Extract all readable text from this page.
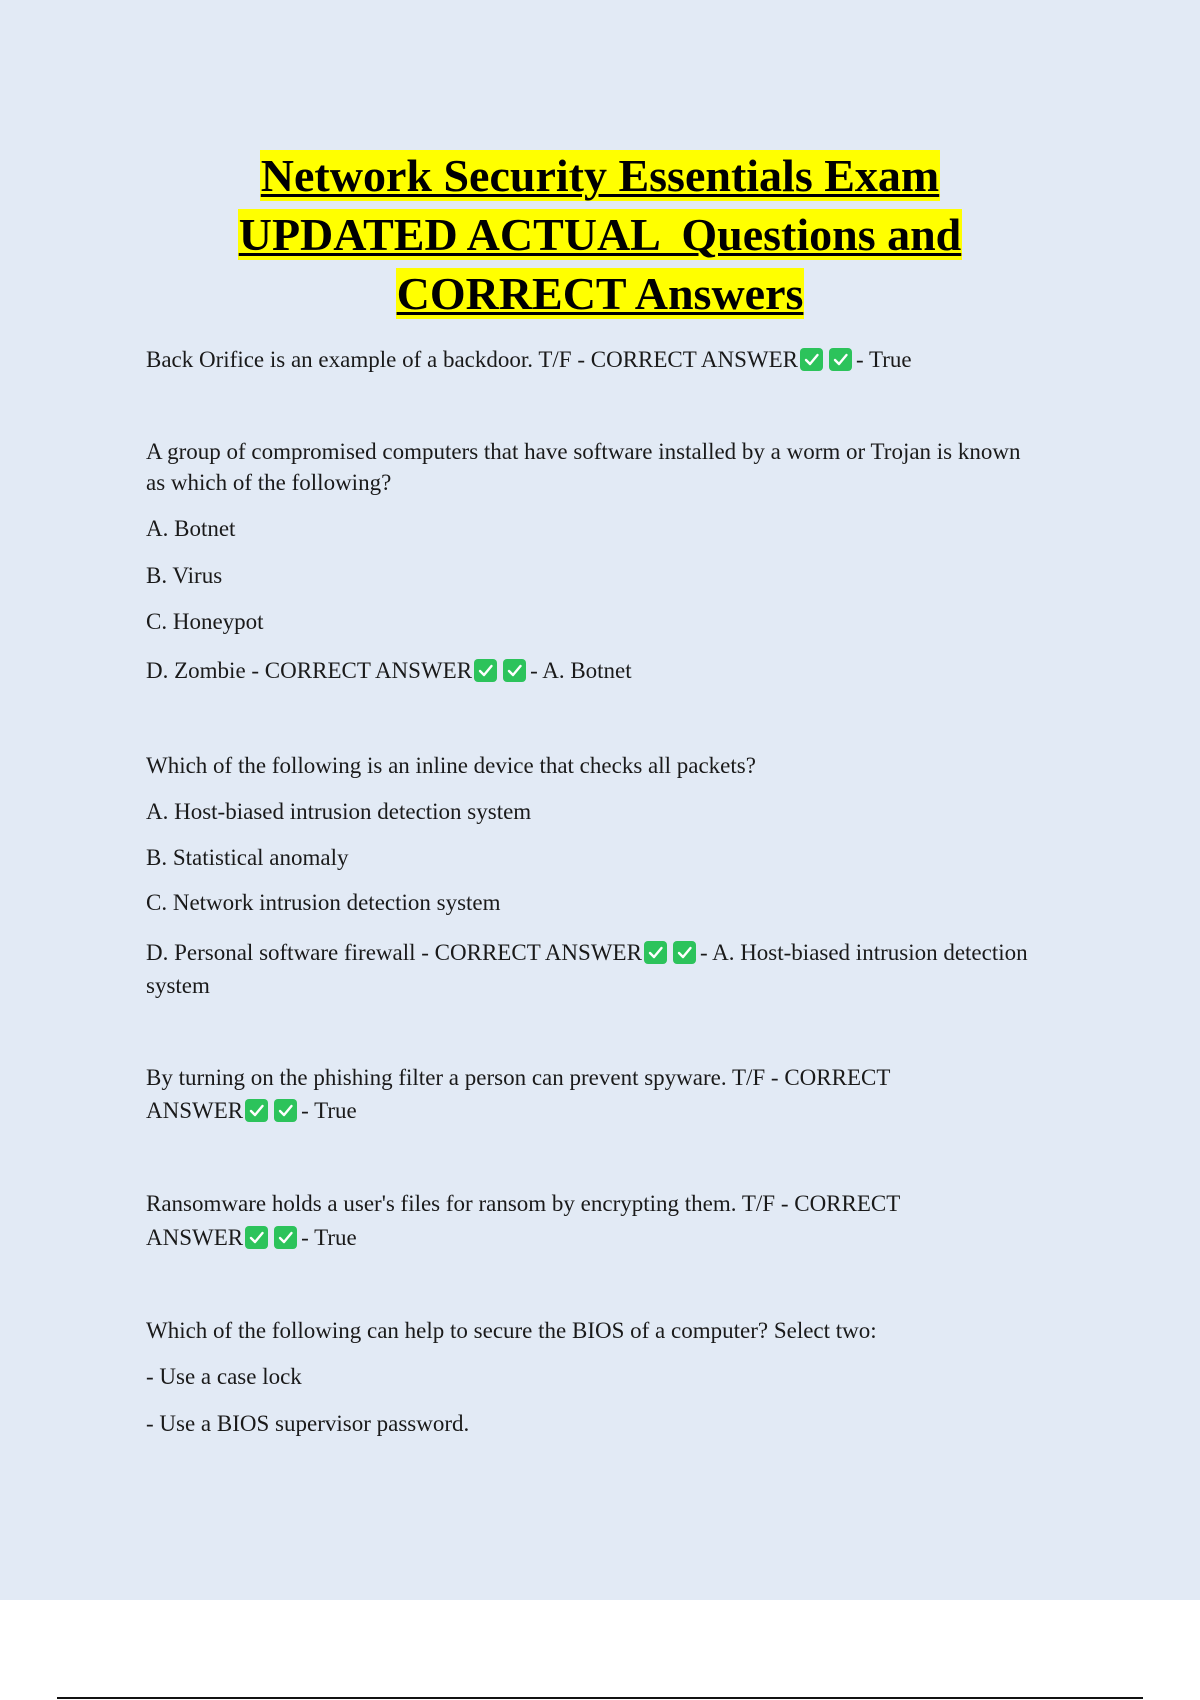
Network Security Essentials Exam
UPDATED ACTUAL  Questions and
CORRECT Answers
Back Orifice is an example of a backdoor. T/F - CORRECT ANSWER	- True
A group of compromised computers that have software installed by a worm or Trojan is known
as which of the following?
A. Botnet
B. Virus
C. Honeypot
D. Zombie - CORRECT ANSWER	- A. Botnet
Which of the following is an inline device that checks all packets?
A. Host-biased intrusion detection system
B. Statistical anomaly
C. Network intrusion detection system
D. Personal software firewall - CORRECT ANSWER	- A. Host-biased intrusion detection
system
By turning on the phishing filter a person can prevent spyware. T/F - CORRECT
ANSWER	- True
Ransomware holds a user's files for ransom by encrypting them. T/F - CORRECT
ANSWER	- True
Which of the following can help to secure the BIOS of a computer? Select two:
- Use a case lock
- Use a BIOS supervisor password.
